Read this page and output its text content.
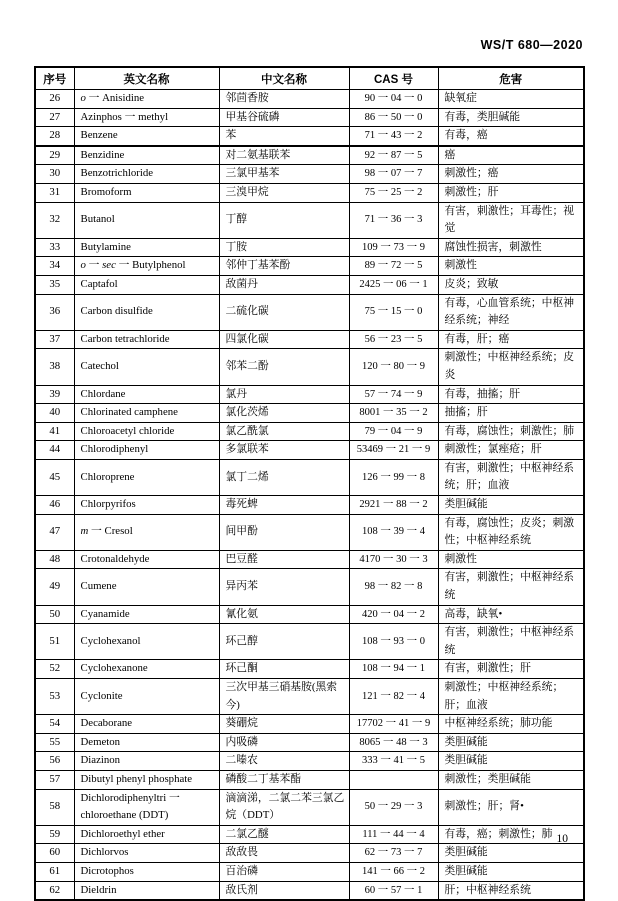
WS/T 680—2020
序号	英文名称	中文名称	CAS 号	危害
26	o 一 Anisidine	邻茴香胺	90 一 04 一 0	缺氧症
27	Azinphos 一 methyl	甲基谷硫磷	86 一 50 一 0	有毒，类胆碱能
28	Benzene	苯	71 一 43 一 2	有毒，癌
29	Benzidine	对二氨基联苯	92 一 87 一 5	癌
30	Benzotrichloride	三氯甲基苯	98 一 07 一 7	刺激性；癌
31	Bromoform	三溴甲烷	75 一 25 一 2	刺激性；肝
32	Butanol	丁醇	71 一 36 一 3	有害，刺激性；耳毒性；视觉
33	Butylamine	丁胺	109 一 73 一 9	腐蚀性损害，刺激性
34	o 一 sec 一 Butylphenol	邻仲丁基苯酚	89 一 72 一 5	刺激性
35	Captafol	敌菌丹	2425 一 06 一 1	皮炎；致敏
36	Carbon disulfide	二硫化碳	75 一 15 一 0	有毒，心血管系统；中枢神经系统；神经
37	Carbon tetrachloride	四氯化碳	56 一 23 一 5	有毒，肝；癌
38	Catechol	邻苯二酚	120 一 80 一 9	刺激性；中枢神经系统；皮炎
39	Chlordane	氯丹	57 一 74 一 9	有毒，抽搐；肝
40	Chlorinated camphene	氯化茨烯	8001 一 35 一 2	抽搐；肝
41	Chloroacetyl chloride	氯乙酰氯	79 一 04 一 9	有毒，腐蚀性；刺激性；肺
44	Chlorodiphenyl	多氯联苯	53469 一 21 一 9	刺激性；氯痤疮；肝
45	Chloroprene	氯丁二烯	126 一 99 一 8	有害，刺激性；中枢神经系统；肝；血液
46	Chlorpyrifos	毒死蜱	2921 一 88 一 2	类胆碱能
47	m 一 Cresol	间甲酚	108 一 39 一 4	有毒，腐蚀性；皮炎；刺激性；中枢神经系统
48	Crotonaldehyde	巴豆醛	4170 一 30 一 3	刺激性
49	Cumene	异丙苯	98 一 82 一 8	有害，刺激性；中枢神经系统
50	Cyanamide	氰化氨	420 一 04 一 2	高毒，缺氧•
51	Cyclohexanol	环己醇	108 一 93 一 0	有害，刺激性；中枢神经系统
52	Cyclohexanone	环己酮	108 一 94 一 1	有害，刺激性；肝
53	Cyclonite	三次甲基三硝基胺(黑索今)	121 一 82 一 4	刺激性；中枢神经系统；肝；血液
54	Decaborane	葵硼烷	17702 一 41 一 9	中枢神经系统；肺功能
55	Demeton	内吸磷	8065 一 48 一 3	类胆碱能
56	Diazinon	二嗪农	333 一 41 一 5	类胆碱能
57	Dibutyl phenyl phosphate	磷酸二丁基苯酯		刺激性；类胆碱能
58	Dichlorodiphenyltri 一 chloroethane (DDT)	滴滴涕，二氯二苯三氯乙烷（DDT）	50 一 29 一 3	刺激性；肝；肾•
59	Dichloroethyl ether	二氯乙醚	111 一 44 一 4	有毒，癌；刺激性；肺
60	Dichlorvos	敌敌畏	62 一 73 一 7	类胆碱能
61	Dicrotophos	百治磷	141 一 66 一 2	类胆碱能
62	Dieldrin	敌氏剂	60 一 57 一 1	肝；中枢神经系统
10
